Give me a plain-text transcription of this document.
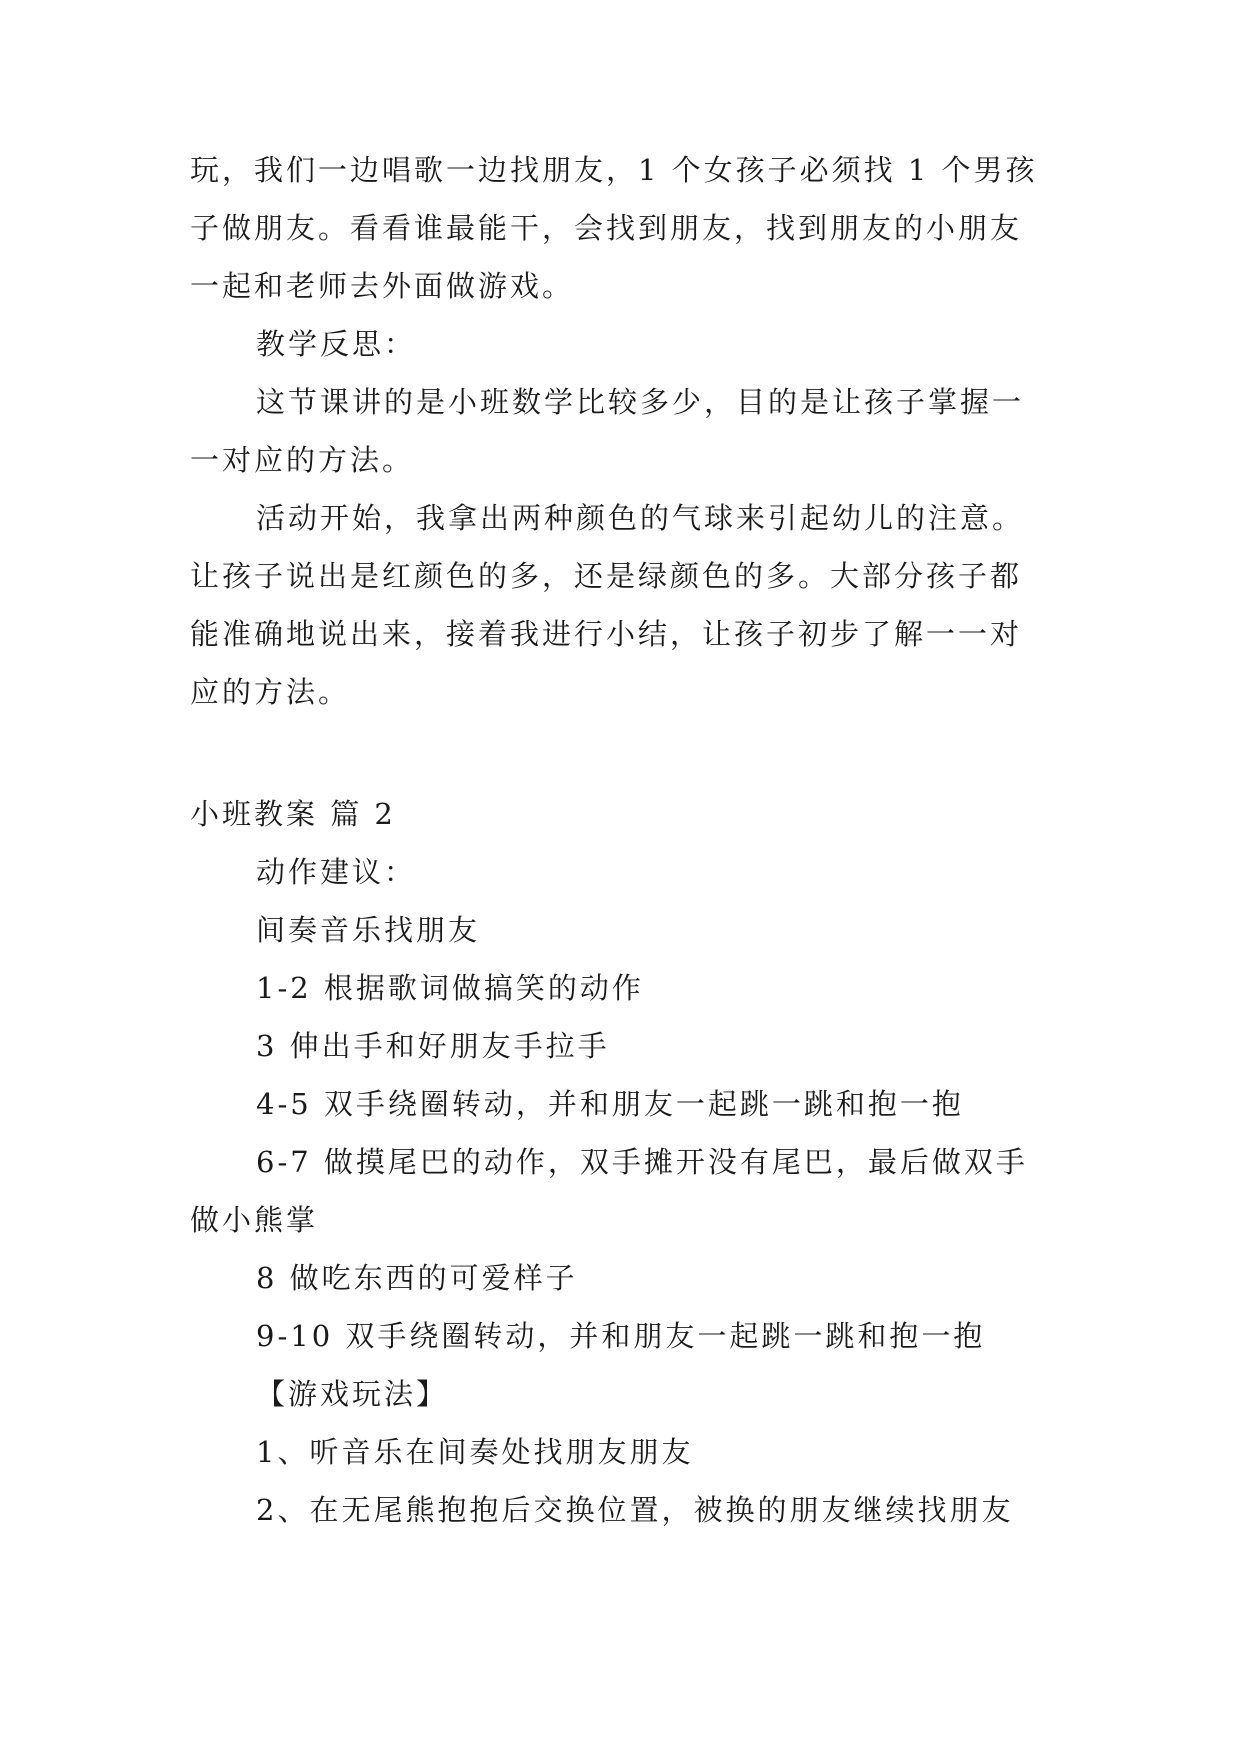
玩，我们一边唱歌一边找朋友，1 个女孩子必须找 1 个男孩
子做朋友。看看谁最能干，会找到朋友，找到朋友的小朋友
一起和老师去外面做游戏。
教学反思：
这节课讲的是小班数学比较多少，目的是让孩子掌握一
一对应的方法。
活动开始，我拿出两种颜色的气球来引起幼儿的注意。
让孩子说出是红颜色的多，还是绿颜色的多。大部分孩子都
能准确地说出来，接着我进行小结，让孩子初步了解一一对
应的方法。
小班教案 篇 2
动作建议：
间奏音乐找朋友
1-2 根据歌词做搞笑的动作
3 伸出手和好朋友手拉手
4-5 双手绕圈转动，并和朋友一起跳一跳和抱一抱
6-7 做摸尾巴的动作，双手摊开没有尾巴，最后做双手
做小熊掌
8 做吃东西的可爱样子
9-10 双手绕圈转动，并和朋友一起跳一跳和抱一抱
【游戏玩法】
1、听音乐在间奏处找朋友朋友
2、在无尾熊抱抱后交换位置，被换的朋友继续找朋友
